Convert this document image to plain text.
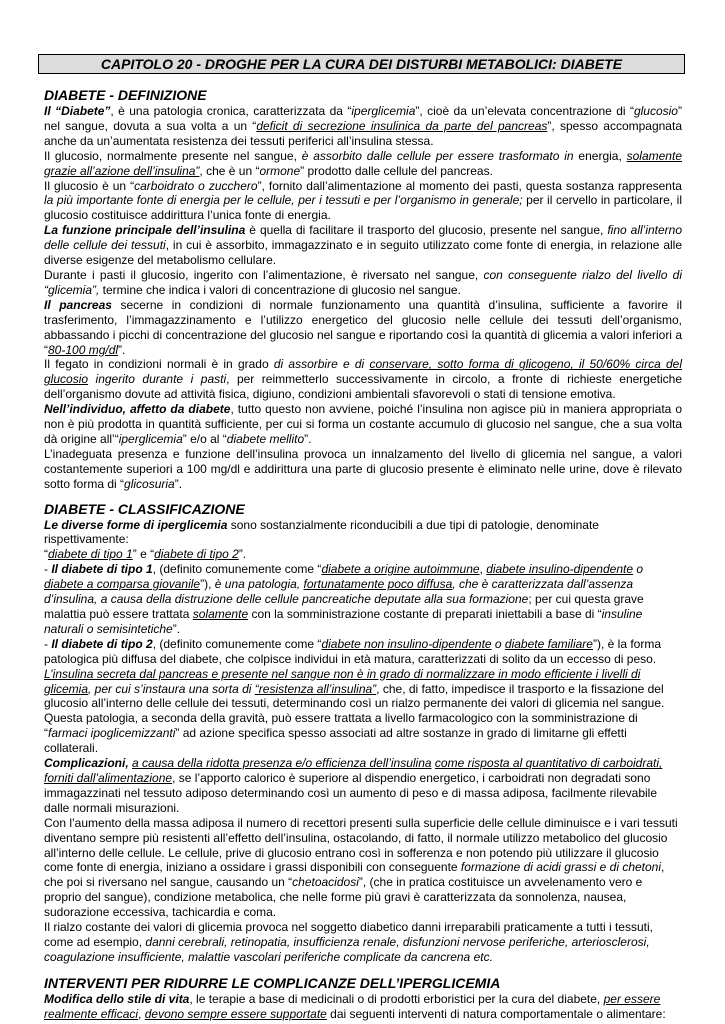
CAPITOLO 20 - DROGHE PER LA CURA DEI DISTURBI METABOLICI: DIABETE
DIABETE - DEFINIZIONE

Il “Diabete”, è una patologia cronica, caratterizzata da “iperglicemia”, cioè da un’elevata concentrazione di “glucosio” nel sangue, dovuta a sua volta a un “deficit di secrezione insulinica da parte del pancreas”, spesso accompagnata anche da un’aumentata resistenza dei tessuti periferici all’insulina stessa.

Il glucosio, normalmente presente nel sangue, è assorbito dalle cellule per essere trasformato in energia, solamente grazie all’azione dell’insulina”, che è un “ormone” prodotto dalle cellule del pancreas.

Il glucosio è un “carboidrato o zucchero”, fornito dall’alimentazione al momento dei pasti, questa sostanza rappresenta la più importante fonte di energia per le cellule, per i tessuti e per l’organismo in generale; per il cervello in particolare, il glucosio costituisce addirittura l’unica fonte di energia.

La funzione principale dell’insulina è quella di facilitare il trasporto del glucosio, presente nel sangue, fino all’interno delle cellule dei tessuti, in cui è assorbito, immagazzinato e in seguito utilizzato come fonte di energia, in relazione alle diverse esigenze del metabolismo cellulare.

Durante i pasti il glucosio, ingerito con l’alimentazione, è riversato nel sangue, con conseguente rialzo del livello di “glicemia”, termine che indica i valori di concentrazione di glucosio nel sangue.

Il pancreas secerne in condizioni di normale funzionamento una quantità d’insulina, sufficiente a favorire il trasferimento, l’immagazzinamento e l’utilizzo energetico del glucosio nelle cellule dei tessuti dell’organismo, abbassando i picchi di concentrazione del glucosio nel sangue e riportando così la quantità di glicemia a valori inferiori a “80-100 mg/dl”.

Il fegato in condizioni normali è in grado di assorbire e di conservare, sotto forma di glicogeno, il 50/60% circa del glucosio ingerito durante i pasti, per reimmetterlo successivamente in circolo, a fronte di richieste energetiche dell’organismo dovute ad attività fisica, digiuno, condizioni ambientali sfavorevoli o stati di tensione emotiva.

Nell’individuo, affetto da diabete, tutto questo non avviene, poiché l’insulina non agisce più in maniera appropriata o non è più prodotta in quantità sufficiente, per cui si forma un costante accumulo di glucosio nel sangue, che a sua volta dà origine all’“iperglicemia” e/o al “diabete mellito”.

L’inadeguata presenza e funzione dell’insulina provoca un innalzamento del livello di glicemia nel sangue, a valori costantemente superiori a 100 mg/dl e addirittura una parte di glucosio presente è eliminato nelle urine, dove è rilevato sotto forma di “glicosuria”.

DIABETE - CLASSIFICAZIONE

Le diverse forme di iperglicemia sono sostanzialmente riconducibili a due tipi di patologie, denominate rispettivamente:

“diabete di tipo 1” e “diabete di tipo 2”.

- Il diabete di tipo 1, (definito comunemente come “diabete a origine autoimmune, diabete insulino-dipendente o diabete a comparsa giovanile”), è una patologia, fortunatamente poco diffusa, che è caratterizzata dall’assenza d’insulina, a causa della distruzione delle cellule pancreatiche deputate alla sua formazione; per cui questa grave malattia può essere trattata solamente con la somministrazione costante di preparati iniettabili a base di “insuline naturali o semisintetiche”.

- Il diabete di tipo 2, (definito comunemente come “diabete non insulino-dipendente o diabete familiare”), è la forma patologica più diffusa del diabete, che colpisce individui in età matura, caratterizzati di solito da un eccesso di peso. L’insulina secreta dal pancreas e presente nel sangue non è in grado di normalizzare in modo efficiente i livelli di glicemia, per cui s’instaura una sorta di “resistenza all’insulina”, che, di fatto, impedisce il trasporto e la fissazione del glucosio all’interno delle cellule dei tessuti, determinando così un rialzo permanente dei valori di glicemia nel sangue.

Questa patologia, a seconda della gravità, può essere trattata a livello farmacologico con la somministrazione di “farmaci ipoglicemizzanti” ad azione specifica spesso associati ad altre sostanze in grado di limitarne gli effetti collaterali.

Complicazioni, a causa della ridotta presenza e/o efficienza dell’insulina come risposta al quantitativo di carboidrati, forniti dall’alimentazione, se l’apporto calorico è superiore al dispendio energetico, i carboidrati non degradati sono immagazzinati nel tessuto adiposo determinando così un aumento di peso e di massa adiposa, facilmente rilevabile dalle normali misurazioni.

Con l’aumento della massa adiposa il numero di recettori presenti sulla superficie delle cellule diminuisce e i vari tessuti diventano sempre più resistenti all’effetto dell’insulina, ostacolando, di fatto, il normale utilizzo metabolico del glucosio all’interno delle cellule. Le cellule, prive di glucosio entrano così in sofferenza e non potendo più utilizzare il glucosio come fonte di energia, iniziano a ossidare i grassi disponibili con conseguente formazione di acidi grassi e di chetoni, che poi si riversano nel sangue, causando un “chetoacidosi”, (che in pratica costituisce un avvelenamento vero e proprio del sangue), condizione metabolica, che nelle forme più gravi è caratterizzata da sonnolenza, nausea, sudorazione eccessiva, tachicardia e coma.

Il rialzo costante dei valori di glicemia provoca nel soggetto diabetico danni irreparabili praticamente a tutti i tessuti, come ad esempio, danni cerebrali, retinopatia, insufficienza renale, disfunzioni nervose periferiche, arteriosclerosi, coagulazione insufficiente, malattie vascolari periferiche complicate da cancrena etc.

INTERVENTI PER RIDURRE LE COMPLICANZE DELL’IPERGLICEMIA

Modifica dello stile di vita, le terapie a base di medicinali o di prodotti erboristici per la cura del diabete, per essere realmente efficaci, devono sempre essere supportate dai seguenti interventi di natura comportamentale o alimentare:
